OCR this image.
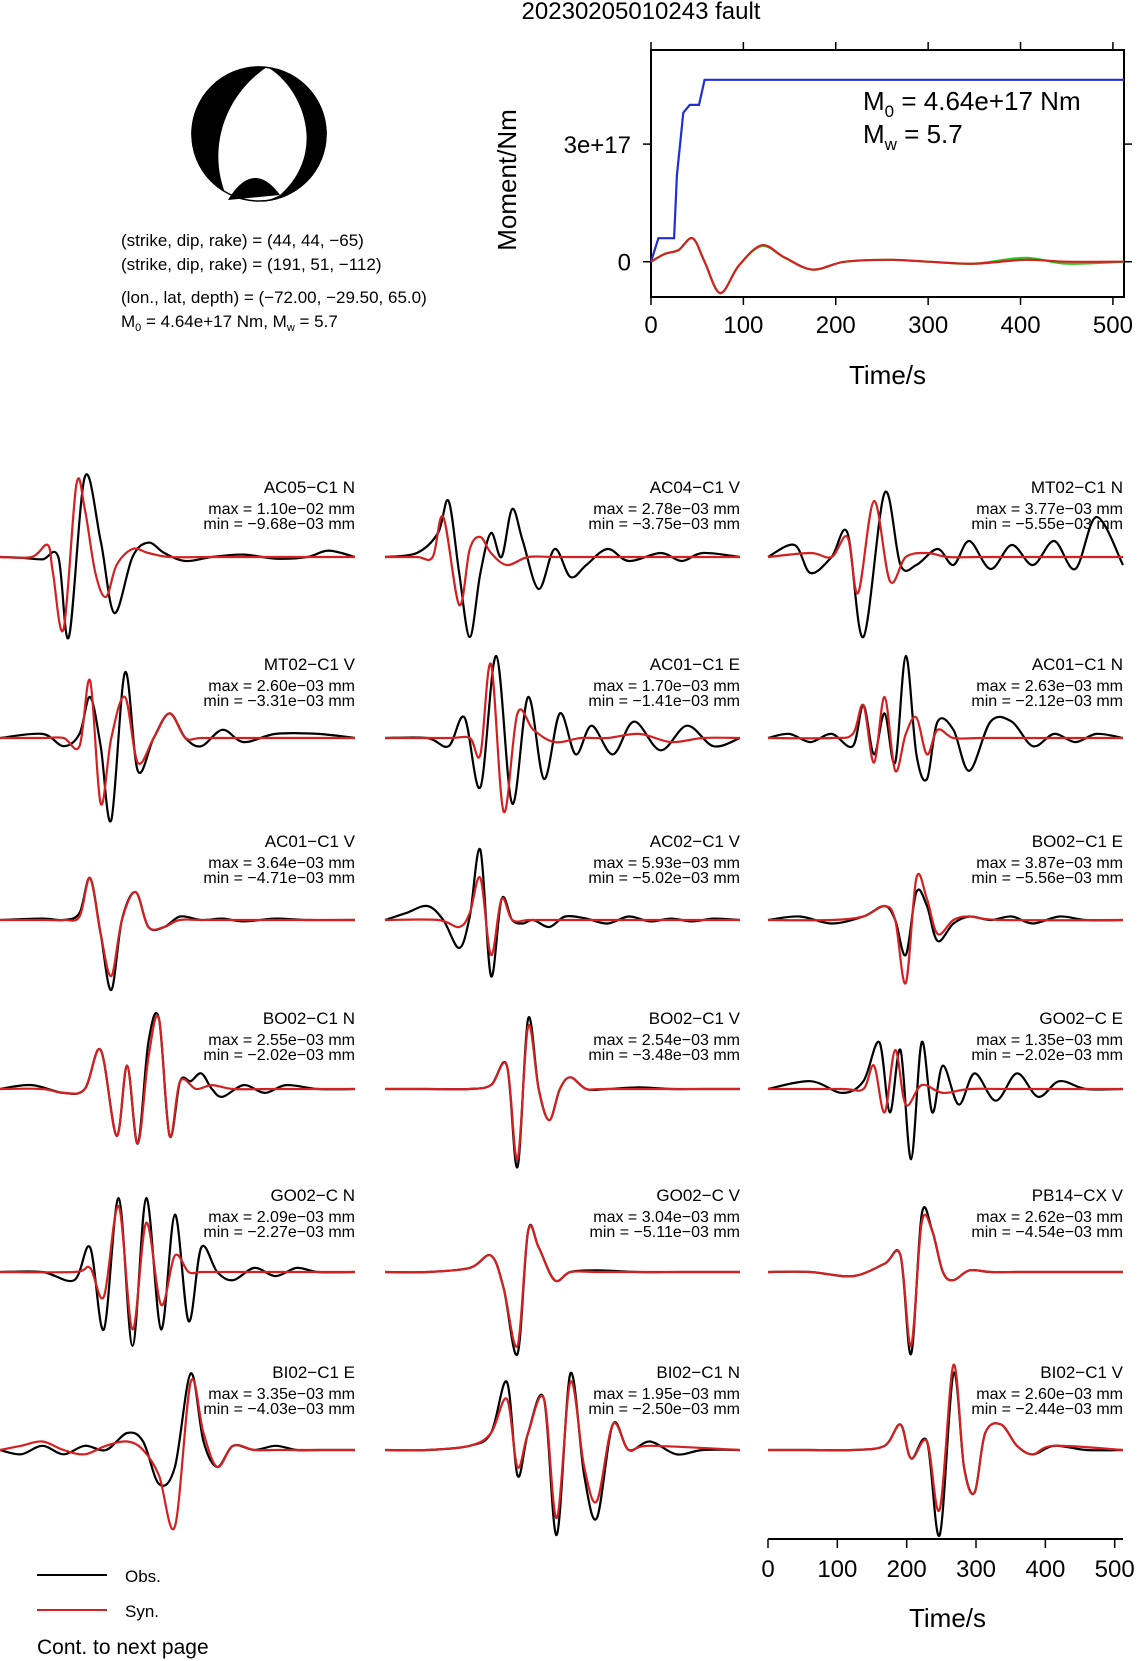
20230205010243 fault
(strike, dip, rake) = (44, 44, −65)
(strike, dip, rake) = (191, 51, −112)
(lon., lat, depth) = (−72.00, −29.50, 65.0)
$M_0 = 4.64e+17$ Nm, $M_w = 5.7$	0	100 200 300 400 500
0
3e+17
Moment/Nm
Time/s
$M_0 = 4.64e+17$ Nm
$M_w = 5.7$
AC05−C1 N
max = 1.10e−02 mm
min = −9.68e−03 mm
AC04−C1 V
max = 2.78e−03 mm
min = −3.75e−03 mm
MT02−C1 N
max = 3.77e−03 mm
min = −5.55e−03 mm
MT02−C1 V
max = 2.60e−03 mm
min = −3.31e−03 mm
AC01−C1 E
max = 1.70e−03 mm
min = −1.41e−03 mm
AC01−C1 N
max = 2.63e−03 mm
min = −2.12e−03 mm
AC01−C1 V
max = 3.64e−03 mm
min = −4.71e−03 mm
AC02−C1 V
max = 5.93e−03 mm
min = −5.02e−03 mm
BO02−C1 E
max = 3.87e−03 mm
min = −5.56e−03 mm
BO02−C1 N
max = 2.55e−03 mm
min = −2.02e−03 mm
BO02−C1 V
max = 2.54e−03 mm
min = −3.48e−03 mm
GO02−C E
max = 1.35e−03 mm
min = −2.02e−03 mm
GO02−C N
max = 2.09e−03 mm
min = −2.27e−03 mm
GO02−C V
max = 3.04e−03 mm
min = −5.11e−03 mm
PB14−CX V
max = 2.62e−03 mm
min = −4.54e−03 mm
BI02−C1 E
max = 3.35e−03 mm
min = −4.03e−03 mm
BI02−C1 N
max = 1.95e−03 mm
min = −2.50e−03 mm
BI02−C1 V
max = 2.60e−03 mm
min = −2.44e−03 mm
0 100 200 300 400 500
Time/s
Obs.
Syn.
Cont. to next page
